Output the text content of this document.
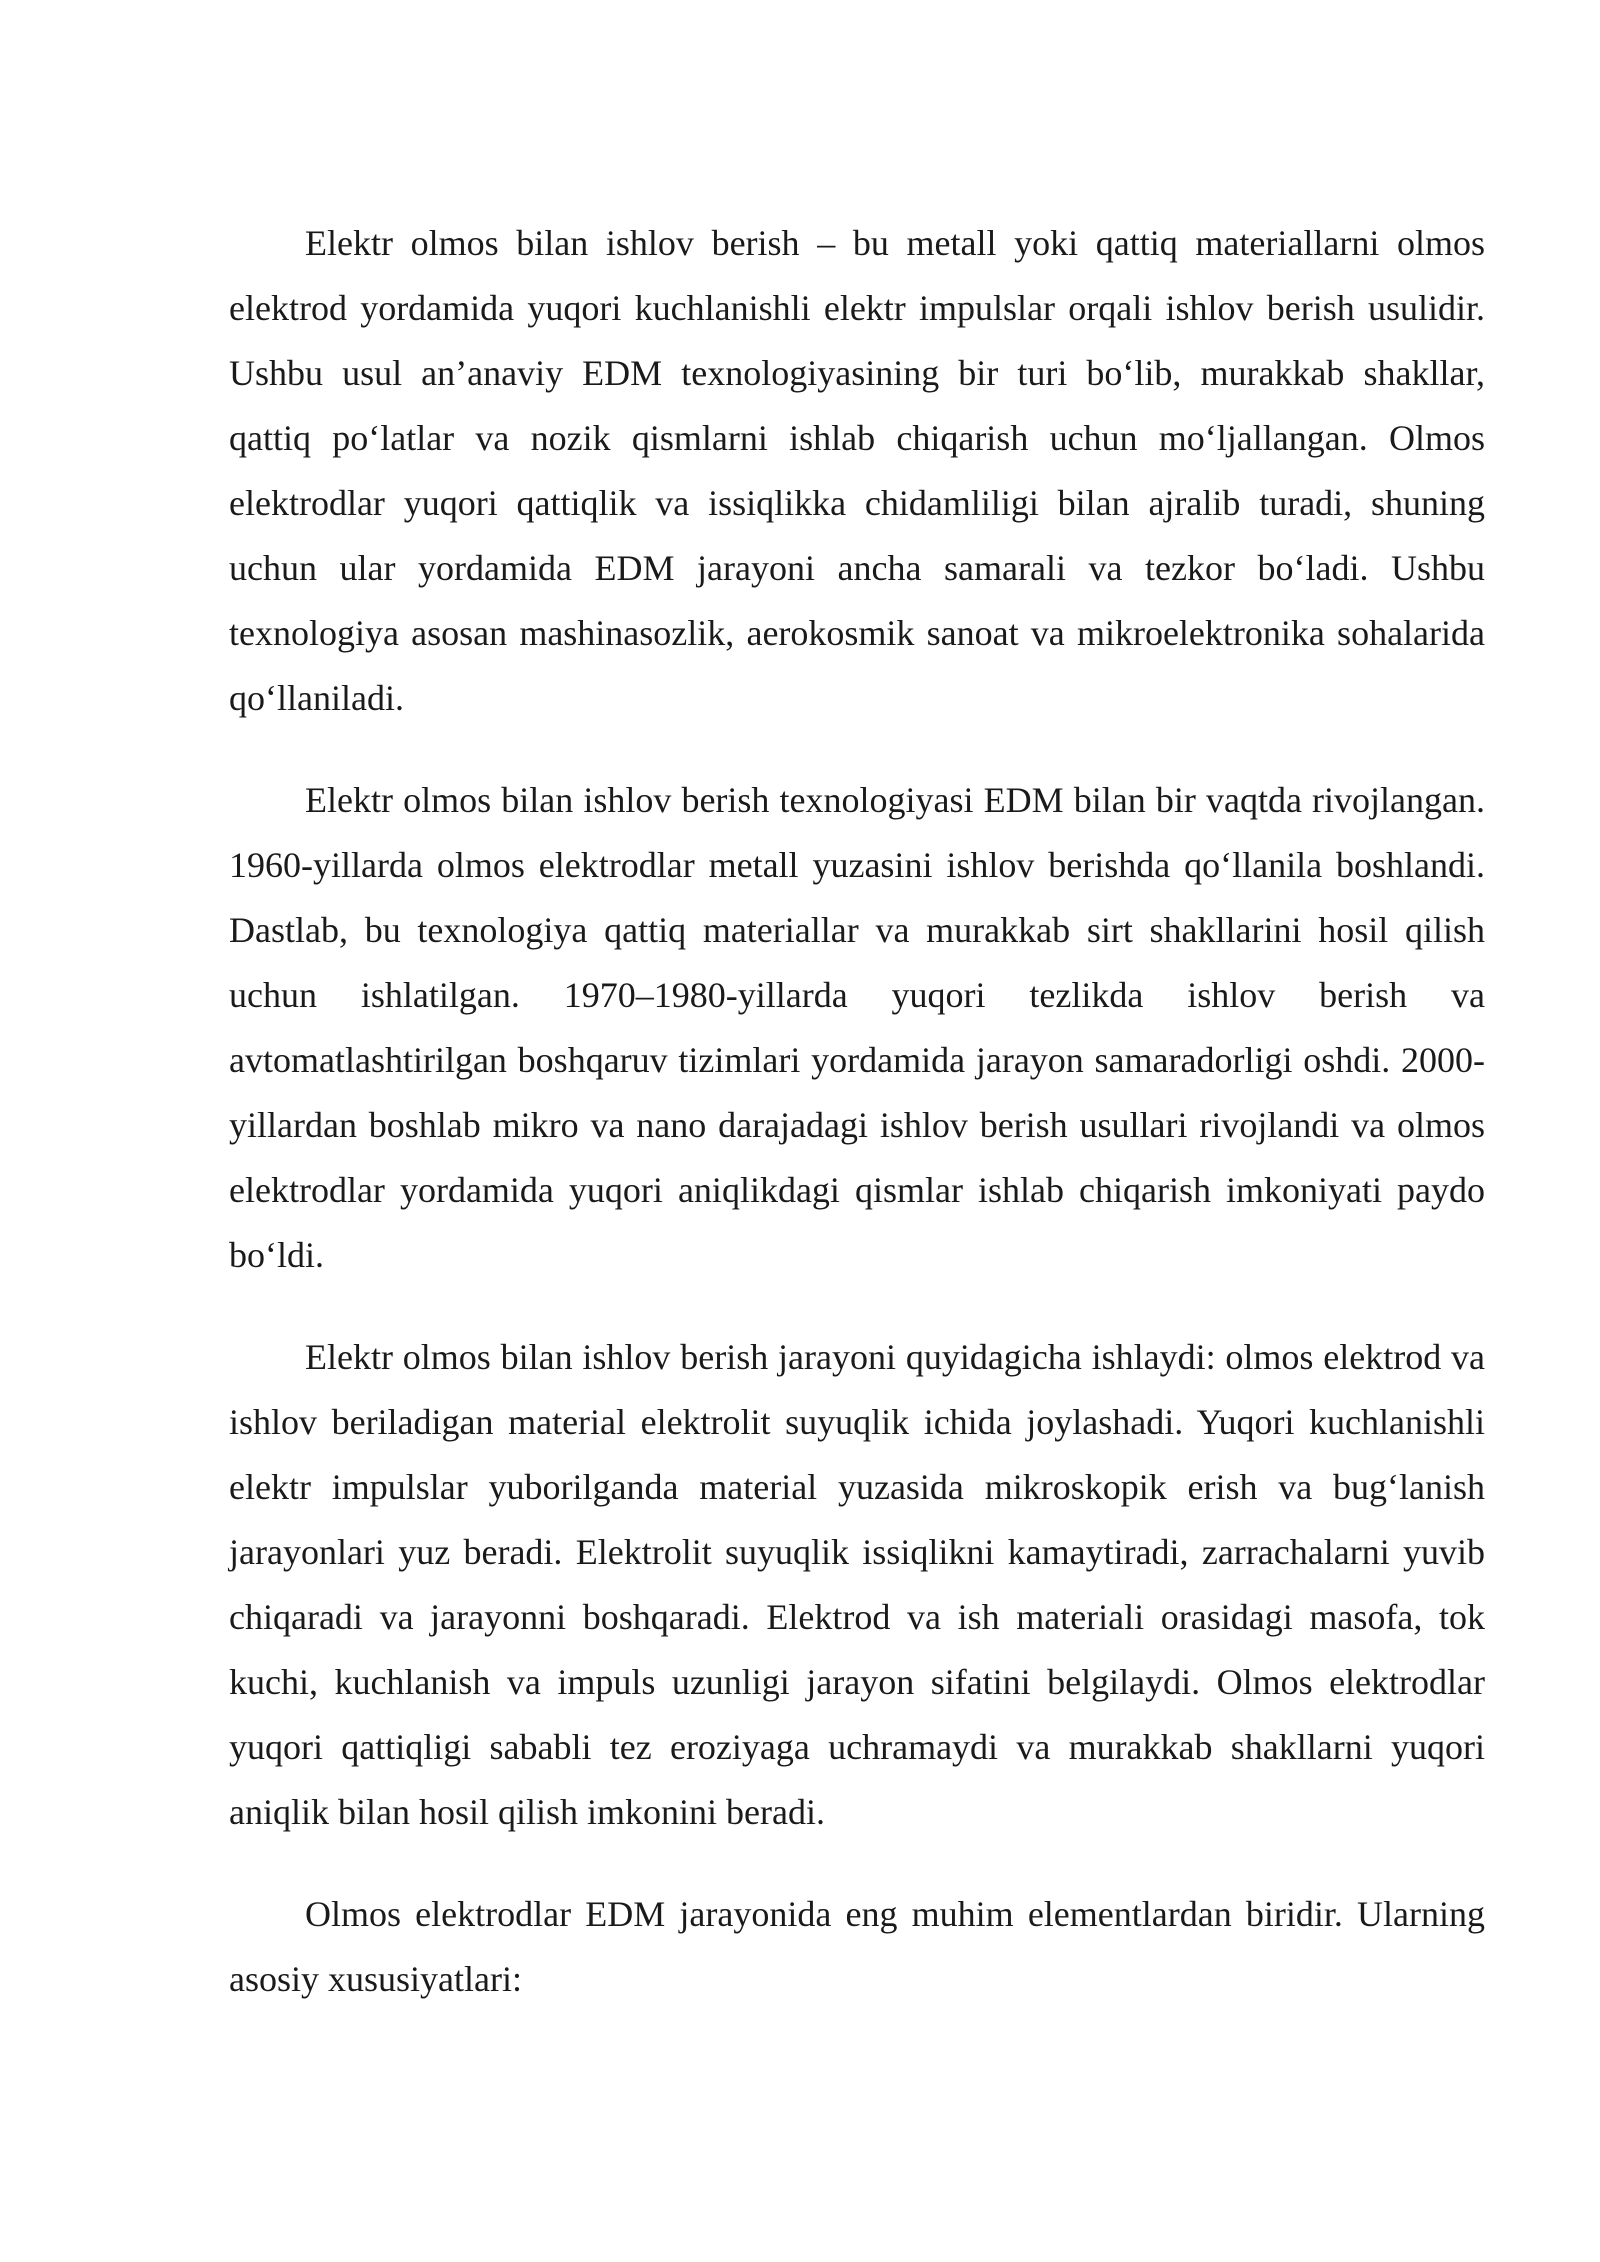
Elektr olmos bilan ishlov berish – bu metall yoki qattiq materiallarni olmos elektrod yordamida yuqori kuchlanishli elektr impulslar orqali ishlov berish usulidir. Ushbu usul an’anaviy EDM texnologiyasining bir turi bo‘lib, murakkab shakllar, qattiq po‘latlar va nozik qismlarni ishlab chiqarish uchun mo‘ljallangan. Olmos elektrodlar yuqori qattiqlik va issiqlikka chidamliligi bilan ajralib turadi, shuning uchun ular yordamida EDM jarayoni ancha samarali va tezkor bo‘ladi. Ushbu texnologiya asosan mashinasozlik, aerokosmik sanoat va mikroelektronika sohalarida qo‘llaniladi.

Elektr olmos bilan ishlov berish texnologiyasi EDM bilan bir vaqtda rivojlangan. 1960-yillarda olmos elektrodlar metall yuzasini ishlov berishda qo‘llanila boshlandi. Dastlab, bu texnologiya qattiq materiallar va murakkab sirt shakllarini hosil qilish uchun ishlatilgan. 1970–1980-yillarda yuqori tezlikda ishlov berish va avtomatlashtirilgan boshqaruv tizimlari yordamida jarayon samaradorligi oshdi. 2000-yillardan boshlab mikro va nano darajadagi ishlov berish usullari rivojlandi va olmos elektrodlar yordamida yuqori aniqlikdagi qismlar ishlab chiqarish imkoniyati paydo bo‘ldi.

Elektr olmos bilan ishlov berish jarayoni quyidagicha ishlaydi: olmos elektrod va ishlov beriladigan material elektrolit suyuqlik ichida joylashadi. Yuqori kuchlanishli elektr impulslar yuborilganda material yuzasida mikroskopik erish va bug‘lanish jarayonlari yuz beradi. Elektrolit suyuqlik issiqlikni kamaytiradi, zarrachalarni yuvib chiqaradi va jarayonni boshqaradi. Elektrod va ish materiali orasidagi masofa, tok kuchi, kuchlanish va impuls uzunligi jarayon sifatini belgilaydi. Olmos elektrodlar yuqori qattiqligi sababli tez eroziyaga uchramaydi va murakkab shakllarni yuqori aniqlik bilan hosil qilish imkonini beradi.

Olmos elektrodlar EDM jarayonida eng muhim elementlardan biridir. Ularning asosiy xususiyatlari:
